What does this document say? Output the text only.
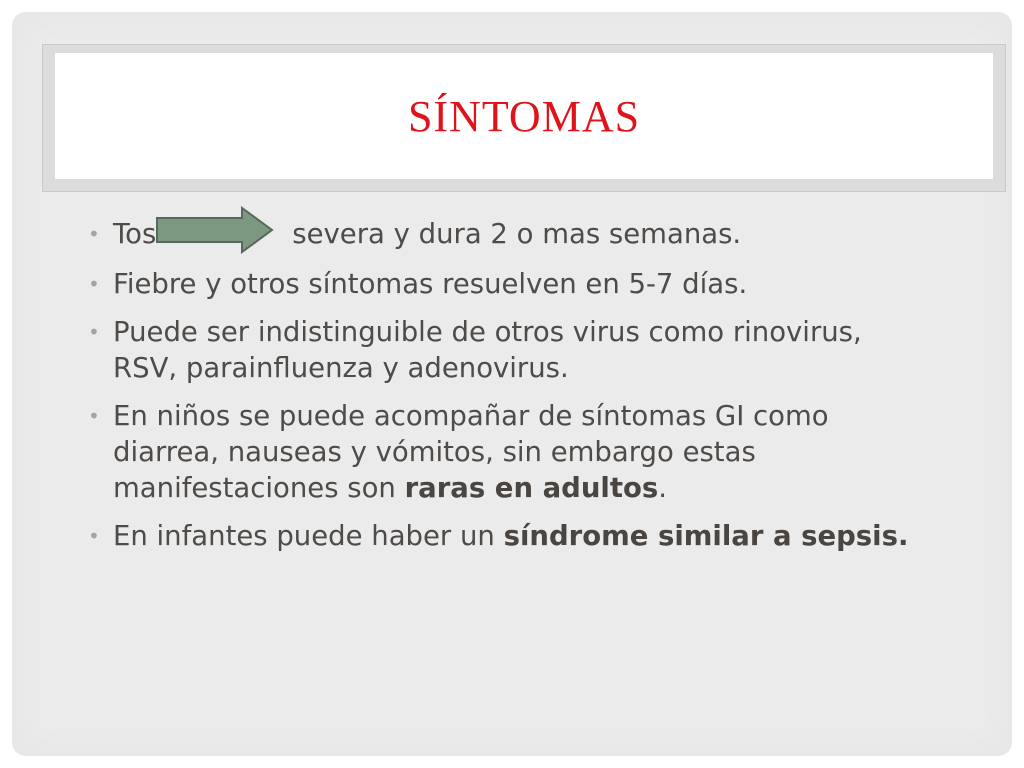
SÍNTOMAS
• Tos	severa y dura 2 o mas semanas.
• Fiebre y otros síntomas resuelven en 5-7 días.
• Puede ser indistinguible de otros virus como rinovirus, RSV, parainfluenza y adenovirus.
• En niños se puede acompañar de síntomas GI como diarrea, nauseas y vómitos, sin embargo estas manifestaciones son raras en adultos.
• En infantes puede haber un síndrome similar a sepsis.
